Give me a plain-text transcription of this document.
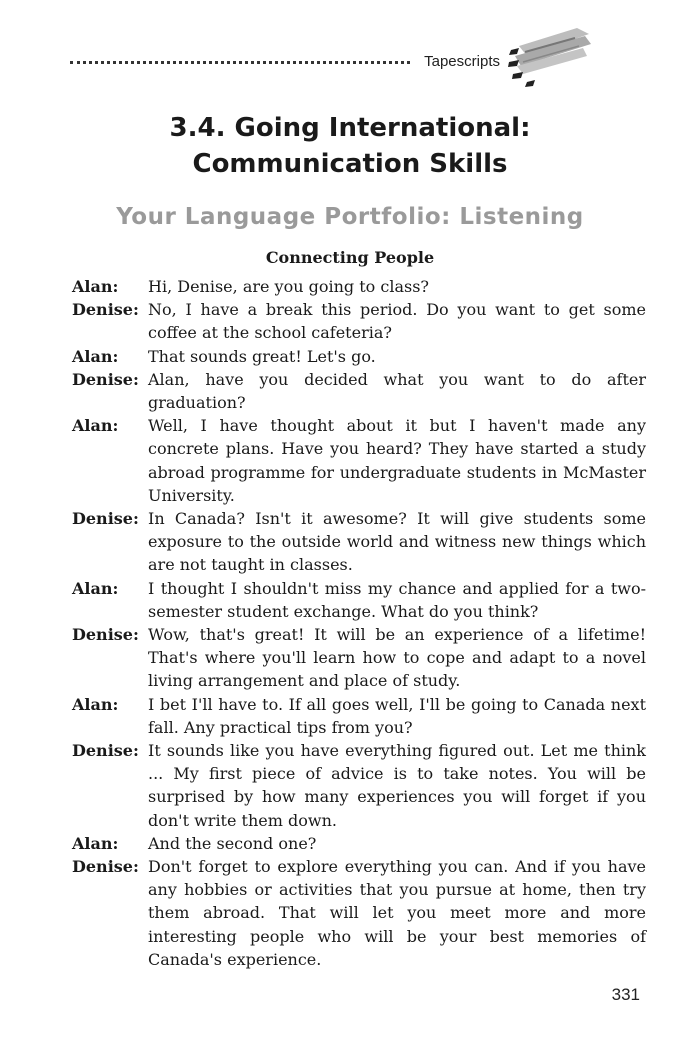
Tapescripts
3.4. Going International:
Communication Skills
Your Language Portfolio: Listening
Connecting People
Alan:	Hi, Denise, are you going to class?
Denise: No, I have a break this period. Do you want to get some coffee at the school cafeteria?
Alan:	That sounds great! Let's go.
Denise: Alan, have you decided what you want to do after graduation?
Alan:	Well, I have thought about it but I haven't made any concrete plans. Have you heard? They have started a study abroad programme for undergraduate students in McMaster University.
Denise: In Canada? Isn't it awesome? It will give students some exposure to the outside world and witness new things which are not taught in classes.
Alan:	I thought I shouldn't miss my chance and applied for a two-semester student exchange. What do you think?
Denise: Wow, that's great! It will be an experience of a lifetime! That's where you'll learn how to cope and adapt to a novel living arrangement and place of study.
Alan:	I bet I'll have to. If all goes well, I'll be going to Canada next fall. Any practical tips from you?
Denise: It sounds like you have everything figured out. Let me think ... My first piece of advice is to take notes. You will be surprised by how many experiences you will forget if you don't write them down.
Alan:	And the second one?
Denise: Don't forget to explore everything you can. And if you have any hobbies or activities that you pursue at home, then try them abroad. That will let you meet more and more interesting people who will be your best memories of Canada's experience.
331
